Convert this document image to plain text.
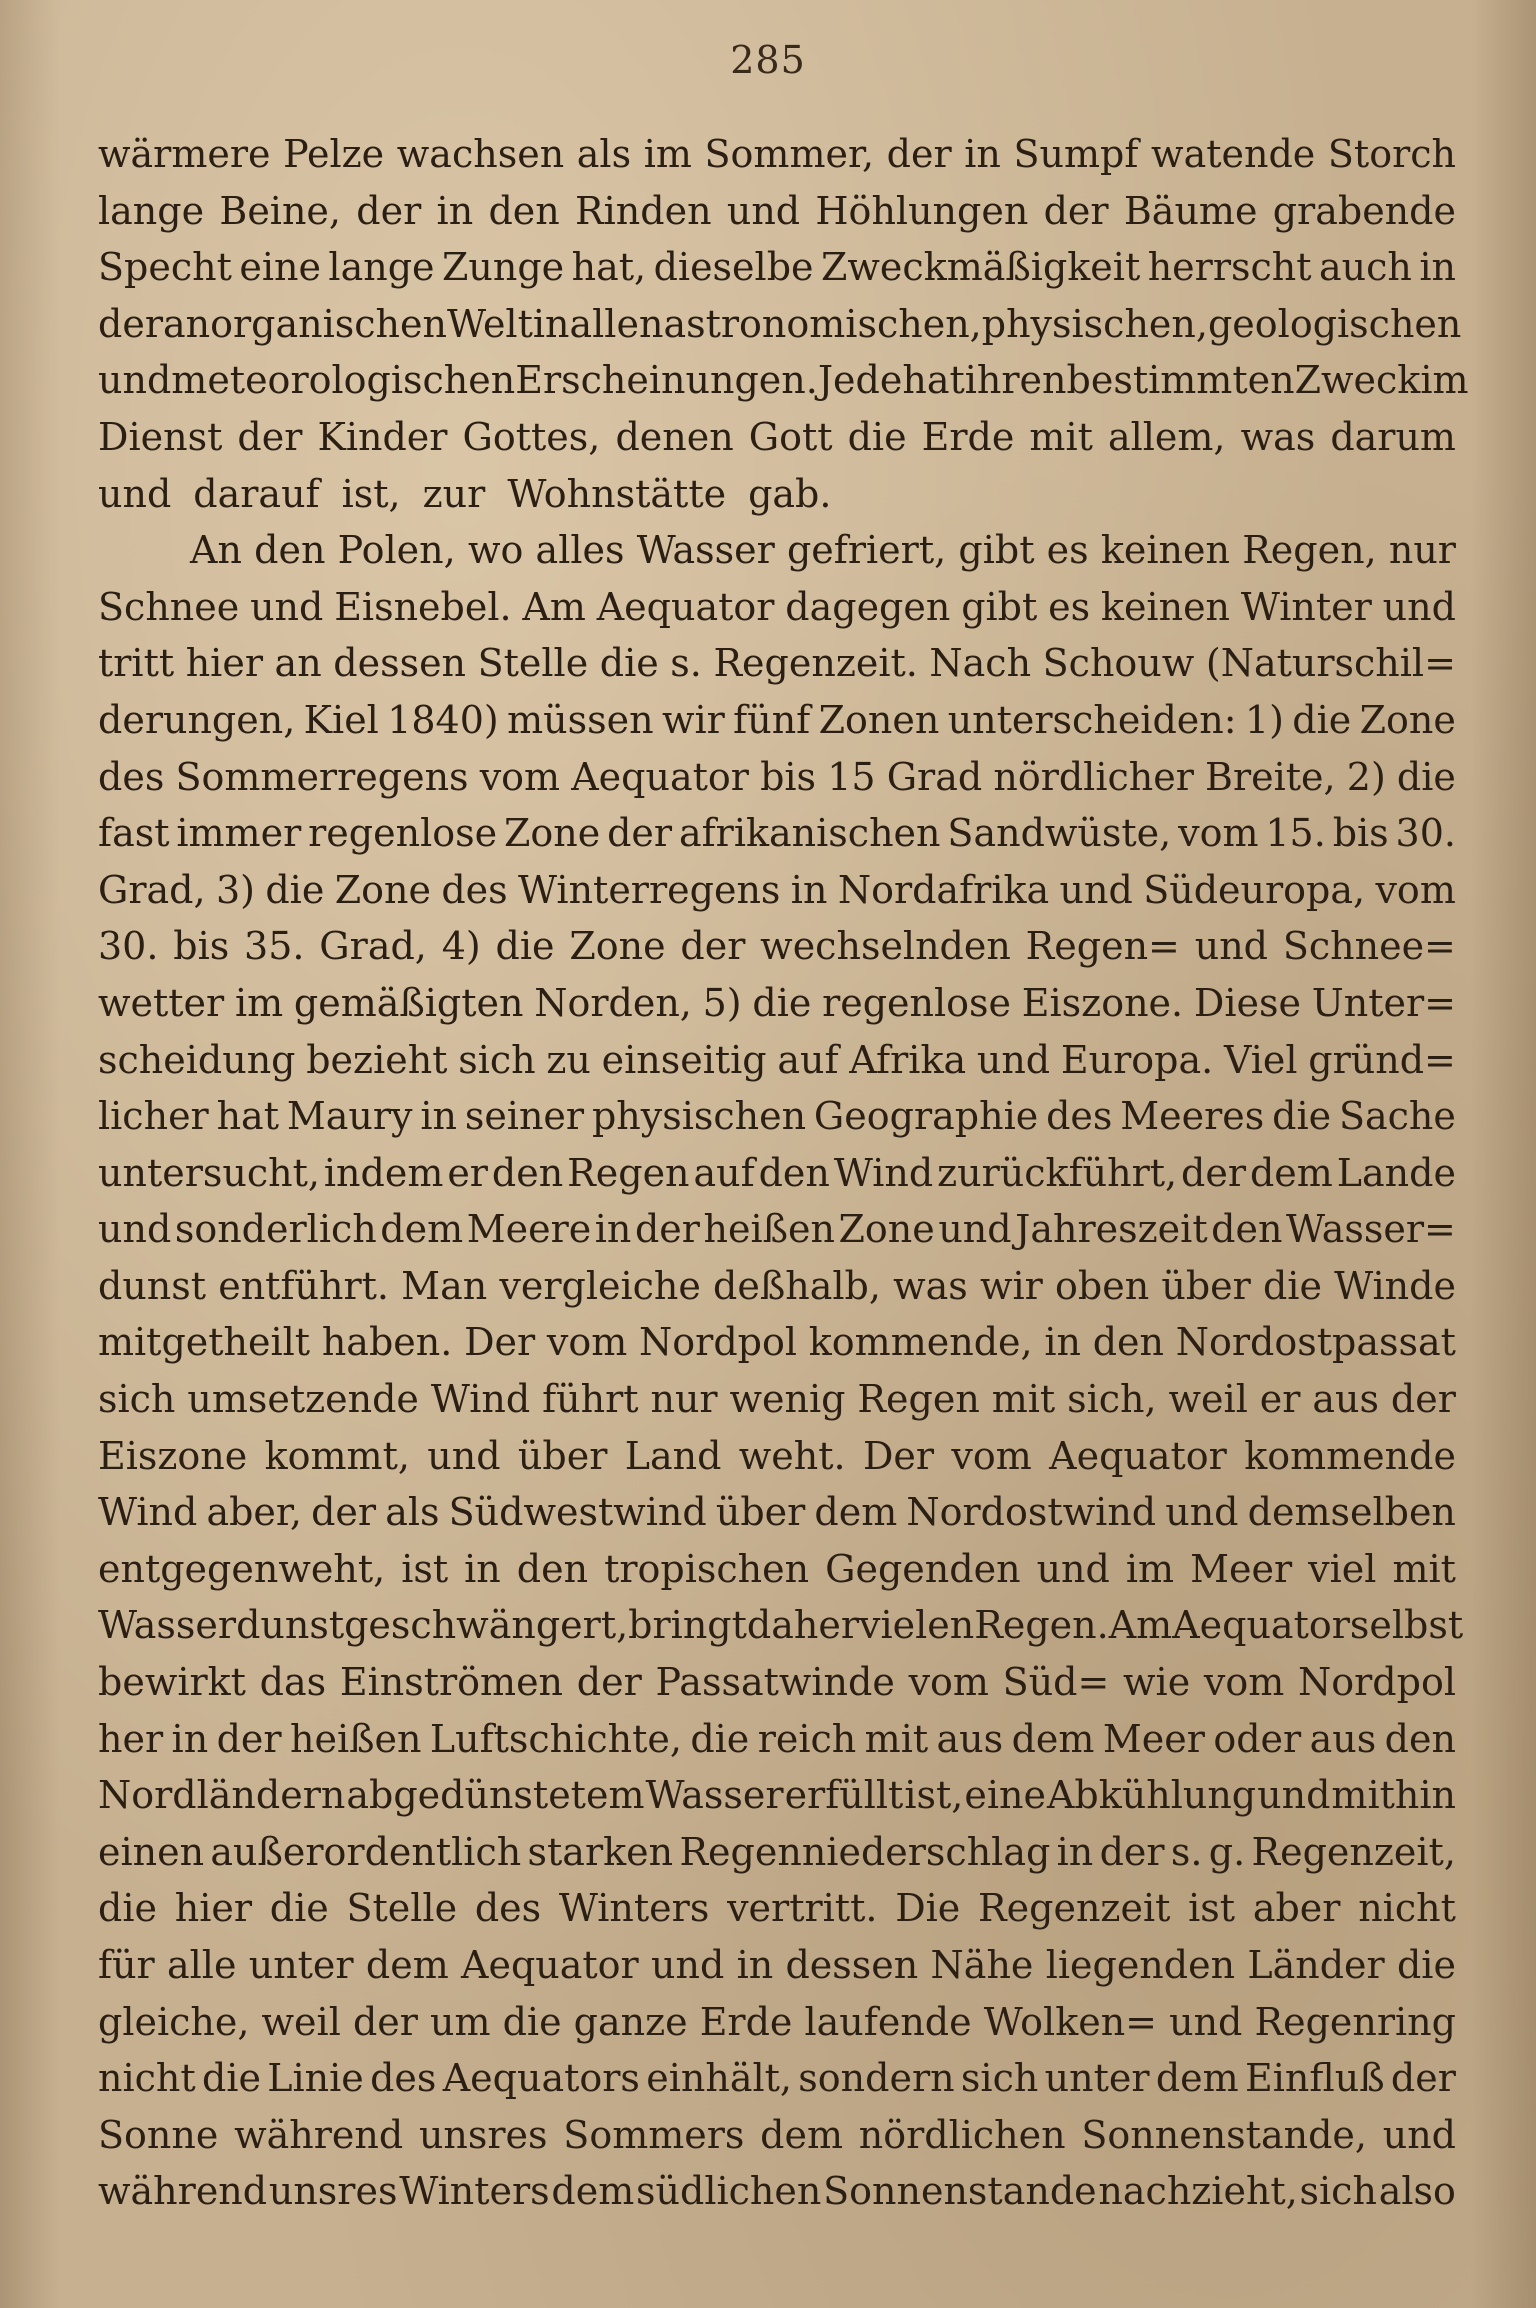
285
wärmere Pelze wachsen als im Sommer, der in Sumpf watende Storch
lange Beine, der in den Rinden und Höhlungen der Bäume grabende
Specht eine lange Zunge hat, dieselbe Zweckmäßigkeit herrscht auch in
der anorganischen Welt in allen astronomischen, physischen, geologischen
und meteorologischen Erscheinungen. Jede hat ihren bestimmten Zweck im
Dienst der Kinder Gottes, denen Gott die Erde mit allem, was darum
und darauf ist, zur Wohnstätte gab.
An den Polen, wo alles Wasser gefriert, gibt es keinen Regen, nur
Schnee und Eisnebel. Am Aequator dagegen gibt es keinen Winter und
tritt hier an dessen Stelle die s. Regenzeit. Nach Schouw (Naturschil=
derungen, Kiel 1840) müssen wir fünf Zonen unterscheiden: 1) die Zone
des Sommerregens vom Aequator bis 15 Grad nördlicher Breite, 2) die
fast immer regenlose Zone der afrikanischen Sandwüste, vom 15. bis 30.
Grad, 3) die Zone des Winterregens in Nordafrika und Südeuropa, vom
30. bis 35. Grad, 4) die Zone der wechselnden Regen= und Schnee=
wetter im gemäßigten Norden, 5) die regenlose Eiszone. Diese Unter=
scheidung bezieht sich zu einseitig auf Afrika und Europa. Viel gründ=
licher hat Maury in seiner physischen Geographie des Meeres die Sache
untersucht, indem er den Regen auf den Wind zurückführt, der dem Lande
und sonderlich dem Meere in der heißen Zone und Jahreszeit den Wasser=
dunst entführt. Man vergleiche deßhalb, was wir oben über die Winde
mitgetheilt haben. Der vom Nordpol kommende, in den Nordostpassat
sich umsetzende Wind führt nur wenig Regen mit sich, weil er aus der
Eiszone kommt, und über Land weht. Der vom Aequator kommende
Wind aber, der als Südwestwind über dem Nordostwind und demselben
entgegenweht, ist in den tropischen Gegenden und im Meer viel mit
Wasserdunst geschwängert, bringt daher vielen Regen. Am Aequator selbst
bewirkt das Einströmen der Passatwinde vom Süd= wie vom Nordpol
her in der heißen Luftschichte, die reich mit aus dem Meer oder aus den
Nordländern abgedünstetem Wasser erfüllt ist, eine Abkühlung und mithin
einen außerordentlich starken Regenniederschlag in der s. g. Regenzeit,
die hier die Stelle des Winters vertritt. Die Regenzeit ist aber nicht
für alle unter dem Aequator und in dessen Nähe liegenden Länder die
gleiche, weil der um die ganze Erde laufende Wolken= und Regenring
nicht die Linie des Aequators einhält, sondern sich unter dem Einfluß der
Sonne während unsres Sommers dem nördlichen Sonnenstande, und
während unsres Winters dem südlichen Sonnenstande nachzieht, sich also
